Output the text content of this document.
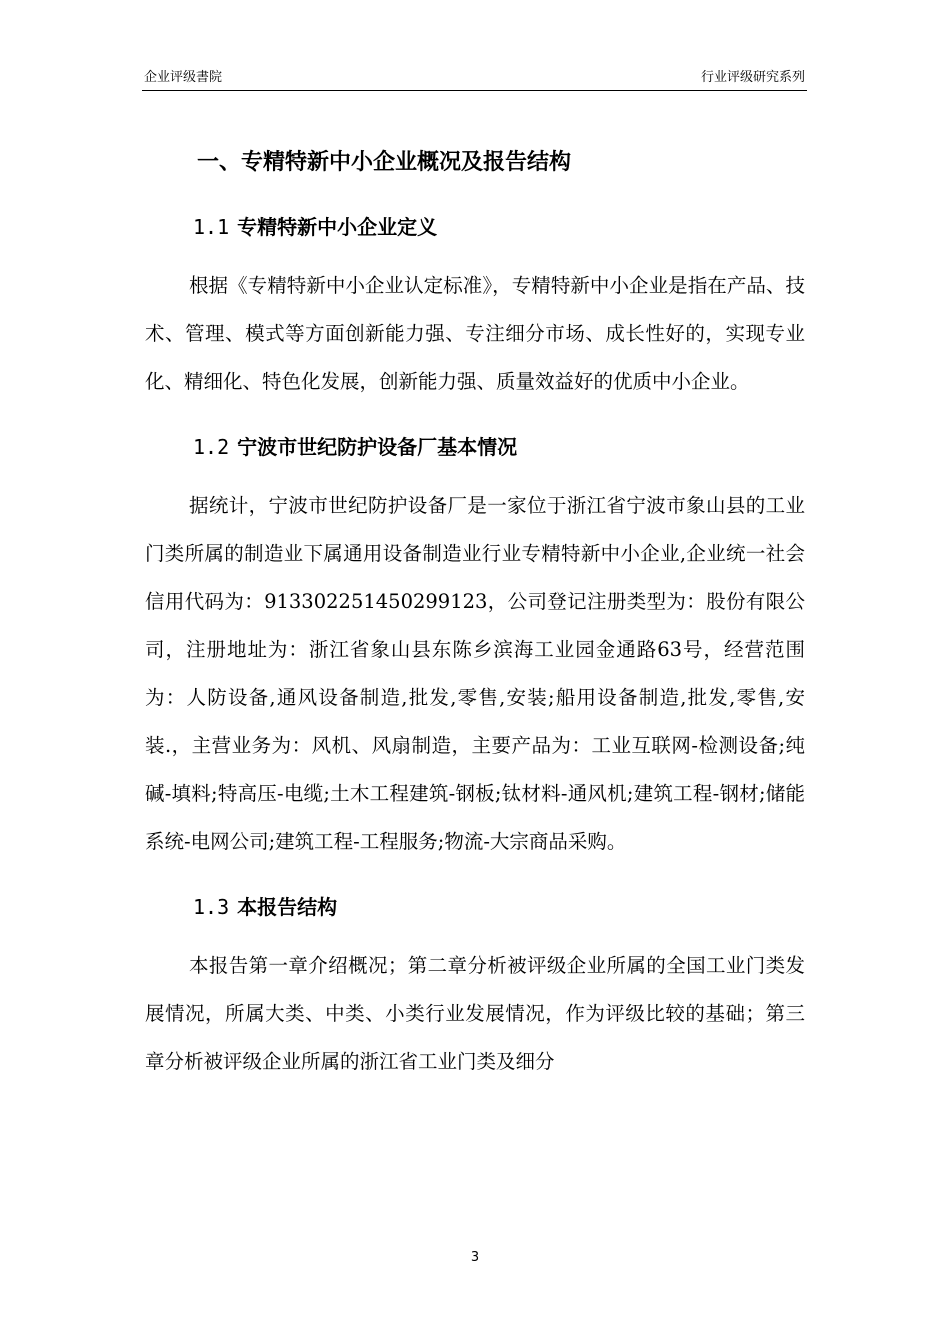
企业评级書院	行业评级研究系列
一、专精特新中小企业概况及报告结构
1.1 专精特新中小企业定义

根据《专精特新中小企业认定标准》，专精特新中小企业是指在产品、技术、管理、模式等方面创新能力强、专注细分市场、成长性好的，实现专业化、精细化、特色化发展，创新能力强、质量效益好的优质中小企业。

1.2 宁波市世纪防护设备厂基本情况

据统计，宁波市世纪防护设备厂是一家位于浙江省宁波市象山县的工业门类所属的制造业下属通用设备制造业行业专精特新中小企业,企业统一社会信用代码为：913302251450299123，公司登记注册类型为：股份有限公司，注册地址为：浙江省象山县东陈乡滨海工业园金通路63号，经营范围为：人防设备,通风设备制造,批发,零售,安装;船用设备制造,批发,零售,安装.，主营业务为：风机、风扇制造，主要产品为：工业互联网-检测设备;纯碱-填料;特高压-电缆;土木工程建筑-钢板;钛材料-通风机;建筑工程-钢材;储能系统-电网公司;建筑工程-工程服务;物流-大宗商品采购。

1.3 本报告结构

本报告第一章介绍概况；第二章分析被评级企业所属的全国工业门类发展情况，所属大类、中类、小类行业发展情况，作为评级比较的基础；第三章分析被评级企业所属的浙江省工业门类及细分

3
